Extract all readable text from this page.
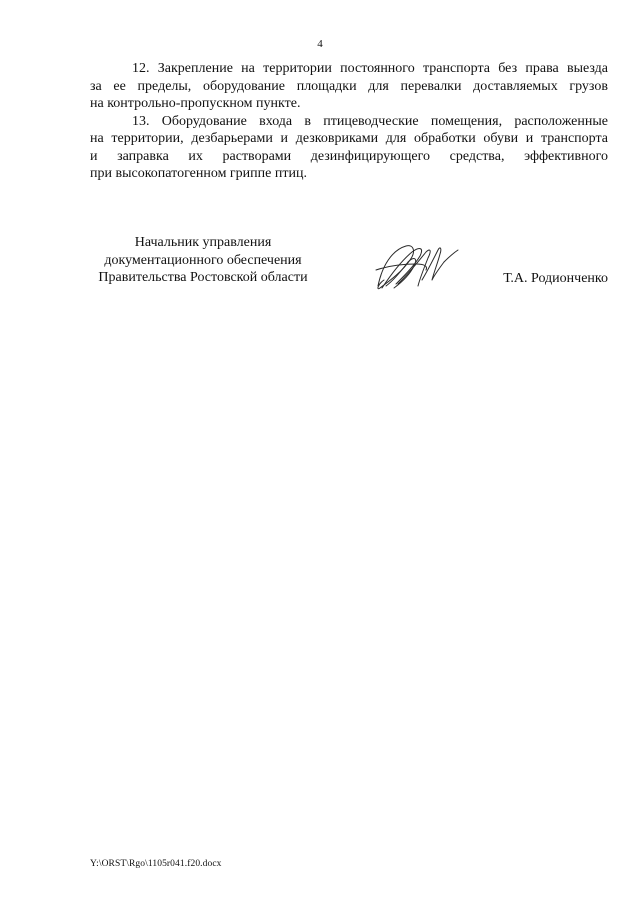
4

12. Закрепление на территории постоянного транспорта без права выезда
за ее пределы, оборудование площадки для перевалки доставляемых грузов
на контрольно-пропускном пункте.

13. Оборудование входа в птицеводческие помещения, расположенные
на территории, дезбарьерами и дезковриками для обработки обуви и транспорта
и заправка их растворами дезинфицирующего средства, эффективного
при высокопатогенном гриппе птиц.

Начальник управления
документационного обеспечения
Правительства Ростовской области	Т.А. Родионченко
Y:\ORST\Rgo\1105r041.f20.docx
